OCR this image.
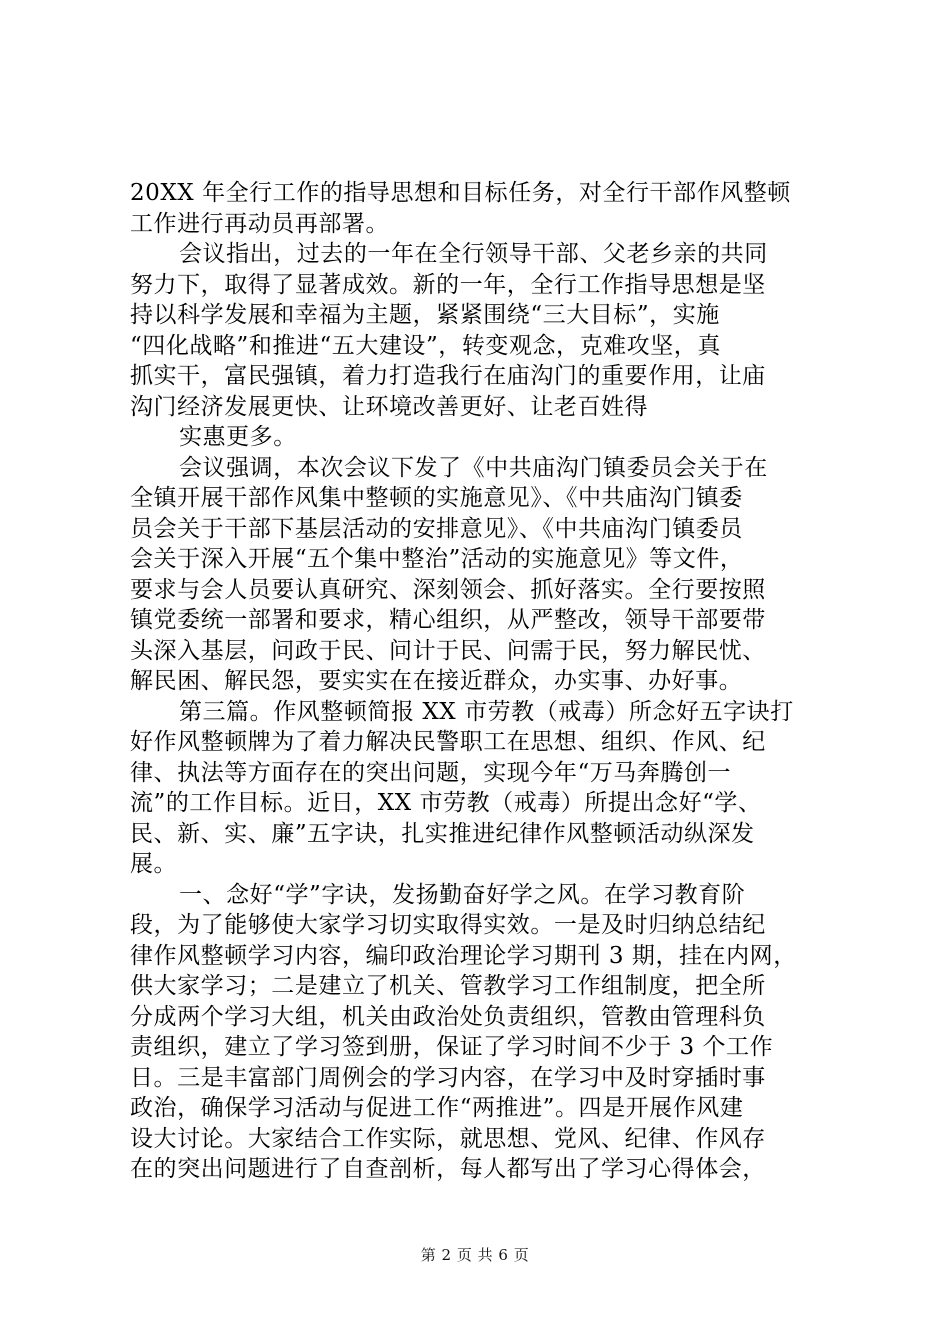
20XX 年全行工作的指导思想和目标任务，对全行干部作风整顿
工作进行再动员再部署。
会议指出，过去的一年在全行领导干部、父老乡亲的共同
努力下，取得了显著成效。新的一年，全行工作指导思想是坚
持以科学发展和幸福为主题，紧紧围绕“三大目标”，实施
“四化战略”和推进“五大建设”，转变观念，克难攻坚，真
抓实干，富民强镇，着力打造我行在庙沟门的重要作用，让庙
沟门经济发展更快、让环境改善更好、让老百姓得
实惠更多。
会议强调，本次会议下发了《中共庙沟门镇委员会关于在
全镇开展干部作风集中整顿的实施意见》、《中共庙沟门镇委
员会关于干部下基层活动的安排意见》、《中共庙沟门镇委员
会关于深入开展“五个集中整治”活动的实施意见》等文件，
要求与会人员要认真研究、深刻领会、抓好落实。全行要按照
镇党委统一部署和要求，精心组织，从严整改，领导干部要带
头深入基层，问政于民、问计于民、问需于民，努力解民忧、
解民困、解民怨，要实实在在接近群众，办实事、办好事。
第三篇。作风整顿简报 XX 市劳教（戒毒）所念好五字诀打
好作风整顿牌为了着力解决民警职工在思想、组织、作风、纪
律、执法等方面存在的突出问题，实现今年“万马奔腾创一
流”的工作目标。近日，XX 市劳教（戒毒）所提出念好“学、
民、新、实、廉”五字诀，扎实推进纪律作风整顿活动纵深发
展。
一、念好“学”字诀，发扬勤奋好学之风。在学习教育阶
段，为了能够使大家学习切实取得实效。一是及时归纳总结纪
律作风整顿学习内容，编印政治理论学习期刊 3 期，挂在内网，
供大家学习；二是建立了机关、管教学习工作组制度，把全所
分成两个学习大组，机关由政治处负责组织，管教由管理科负
责组织，建立了学习签到册，保证了学习时间不少于 3 个工作
日。三是丰富部门周例会的学习内容，在学习中及时穿插时事
政治，确保学习活动与促进工作“两推进”。四是开展作风建
设大讨论。大家结合工作实际，就思想、党风、纪律、作风存
在的突出问题进行了自查剖析，每人都写出了学习心得体会，
第 2 页 共 6 页
